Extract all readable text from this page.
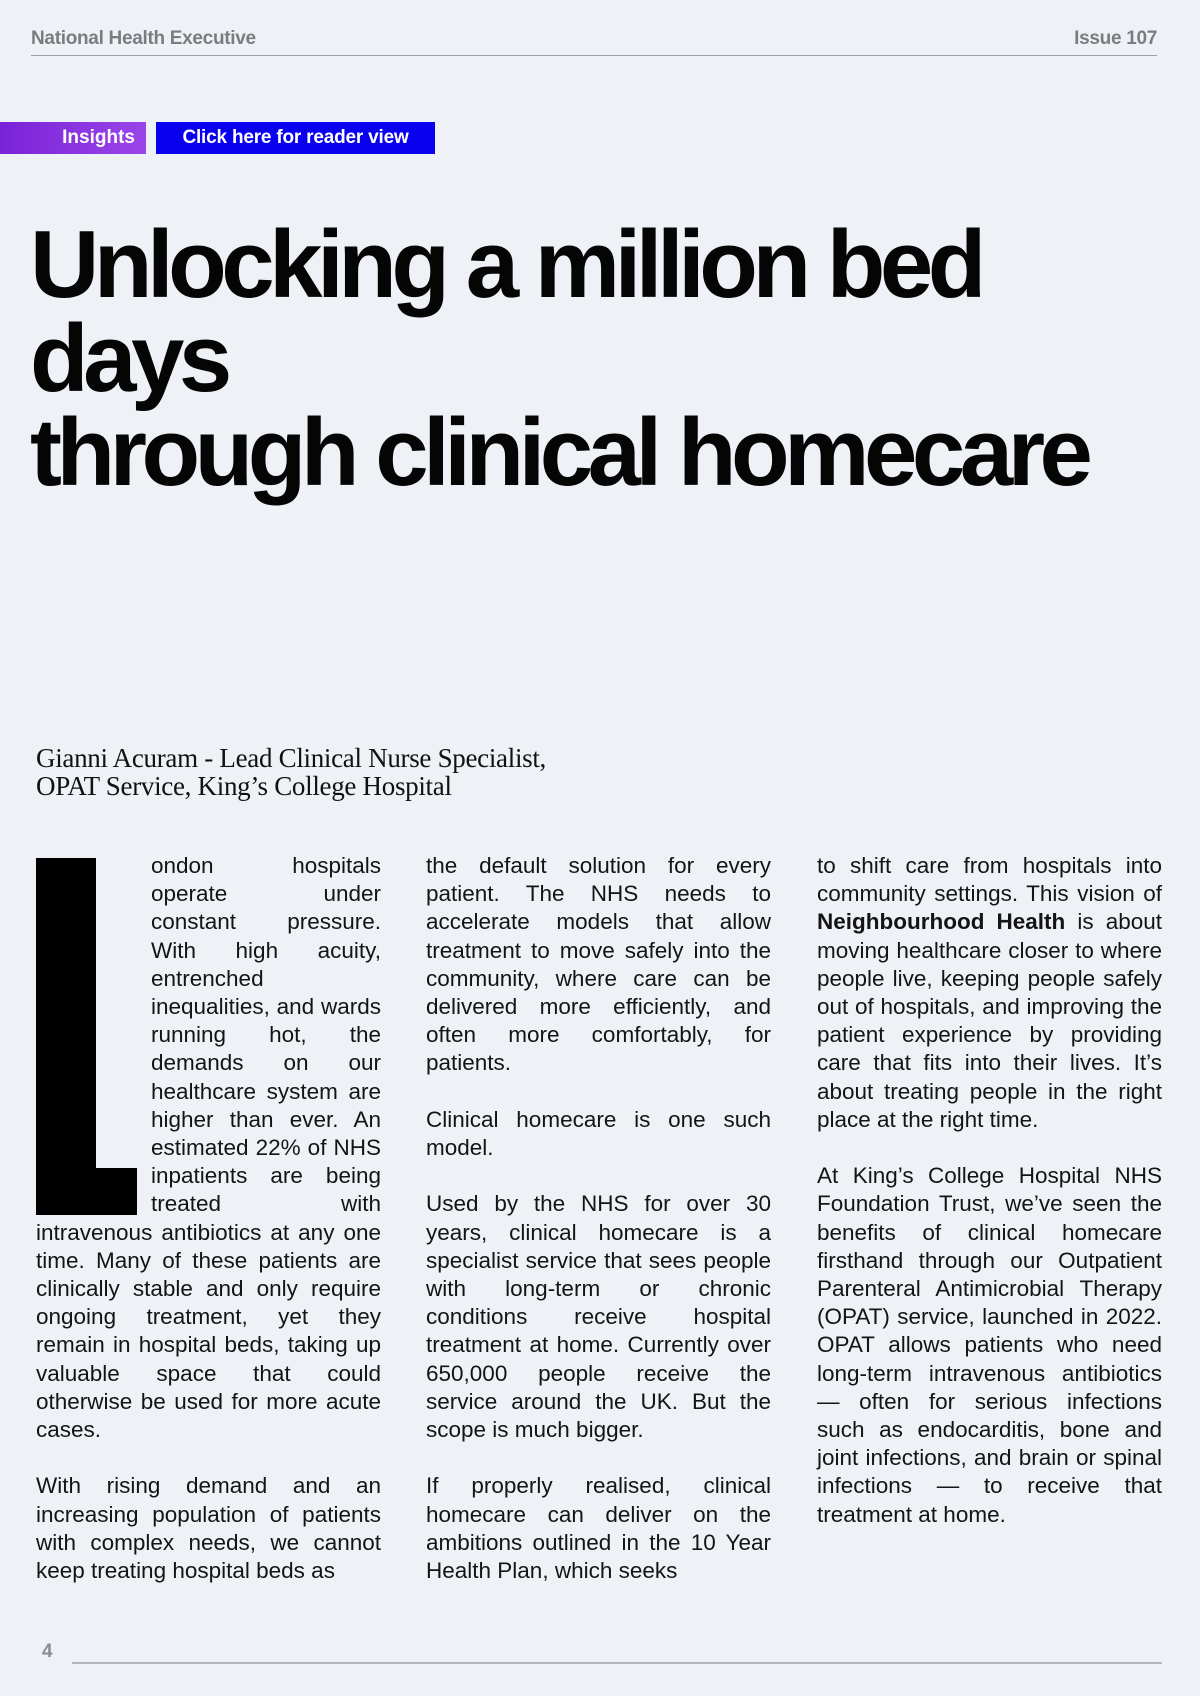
National Health Executive	Issue 107
Insights	Click here for reader view
Unlocking a million bed days
through clinical homecare
Gianni Acuram - Lead Clinical Nurse Specialist,
OPAT Service, King’s College Hospital

ondon hospitals operate under constant pressure. With high acuity, entrenched inequalities, and wards running hot, the demands on our healthcare system are higher than ever. An estimated 22% of NHS inpatients are being treated with intravenous antibiotics at any one time. Many of these patients are clinically stable and only require ongoing treatment, yet they remain in hospital beds, taking up valuable space that could otherwise be used for more acute cases.

With rising demand and an increasing population of patients with complex needs, we cannot keep treating hospital beds as

the default solution for every patient. The NHS needs to accelerate models that allow treatment to move safely into the community, where care can be delivered more efficiently, and often more comfortably, for patients.

Clinical homecare is one such model.

Used by the NHS for over 30 years, clinical homecare is a specialist service that sees people with long-term or chronic conditions receive hospital treatment at home. Currently over 650,000 people receive the service around the UK. But the scope is much bigger.

If properly realised, clinical homecare can deliver on the ambitions outlined in the 10 Year Health Plan, which seeks

to shift care from hospitals into community settings. This vision of Neighbourhood Health is about moving healthcare closer to where people live, keeping people safely out of hospitals, and improving the patient experience by providing care that fits into their lives. It’s about treating people in the right place at the right time.

At King’s College Hospital NHS Foundation Trust, we’ve seen the benefits of clinical homecare firsthand through our Outpatient Parenteral Antimicrobial Therapy (OPAT) service, launched in 2022. OPAT allows patients who need long-term intravenous antibiotics — often for serious infections such as endocarditis, bone and joint infections, and brain or spinal infections — to receive that treatment at home.

4
